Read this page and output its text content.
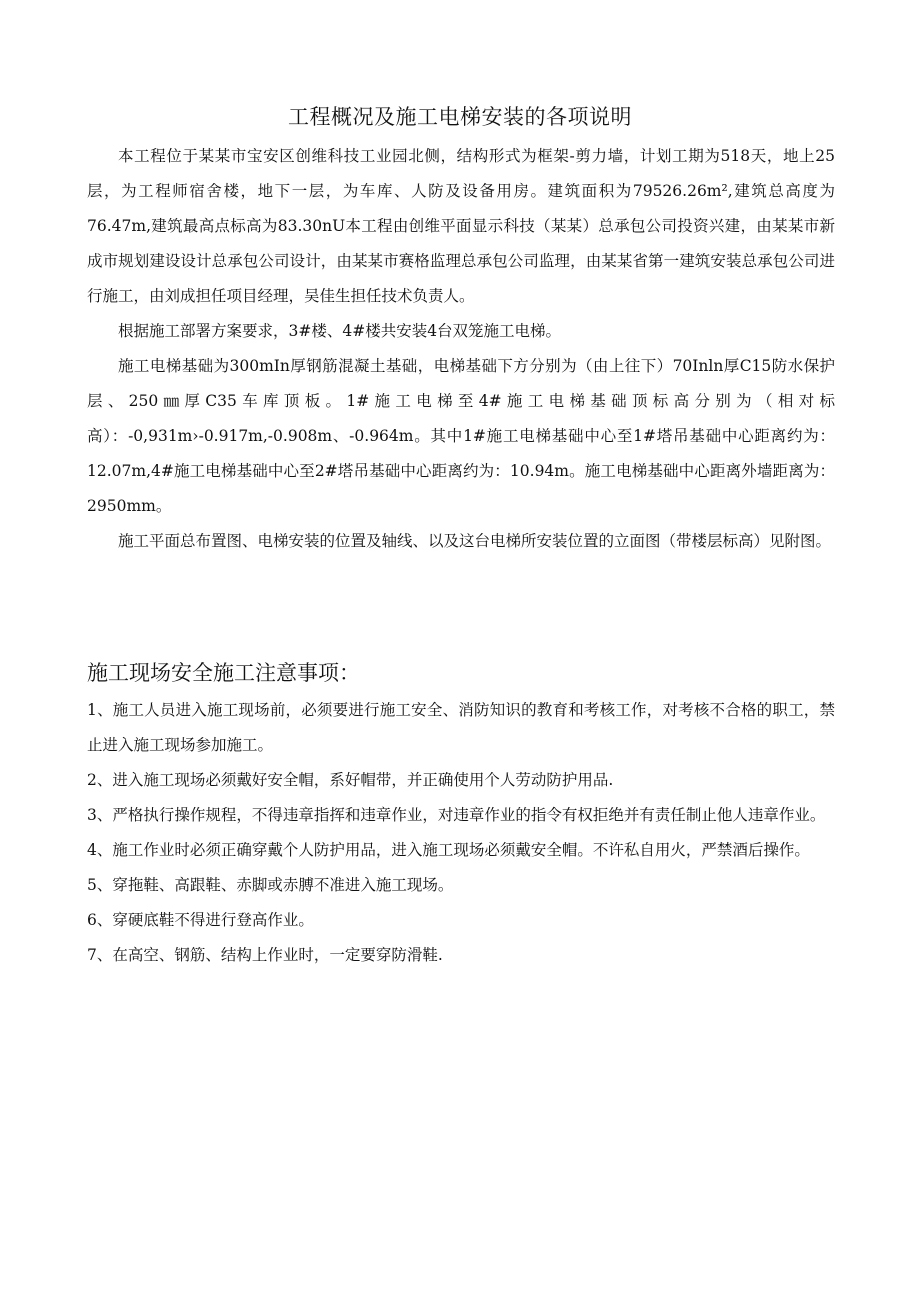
工程概况及施工电梯安装的各项说明

本工程位于某某市宝安区创维科技工业园北侧，结构形式为框架-剪力墙，计划工期为518天，地上25层，为工程师宿舍楼，地下一层，为车库、人防及设备用房。建筑面积为79526.26m²,建筑总高度为76.47m,建筑最高点标高为83.30nU本工程由创维平面显示科技（某某）总承包公司投资兴建，由某某市新成市规划建设设计总承包公司设计，由某某市赛格监理总承包公司监理，由某某省第一建筑安装总承包公司进行施工，由刘成担任项目经理，吴佳生担任技术负责人。

根据施工部署方案要求，3#楼、4#楼共安装4台双笼施工电梯。

施工电梯基础为300mIn厚钢筋混凝土基础，电梯基础下方分别为（由上往下）70Inln厚C15防水保护层、250㎜厚C35车库顶板。1#施工电梯至4#施工电梯基础顶标高分别为（相对标高）：-0,931m›-0.917m,-0.908m、-0.964m。其中1#施工电梯基础中心至1#塔吊基础中心距离约为：12.07m,4#施工电梯基础中心至2#塔吊基础中心距离约为：10.94m。施工电梯基础中心距离外墙距离为：2950mm。

施工平面总布置图、电梯安装的位置及轴线、以及这台电梯所安装位置的立面图（带楼层标高）见附图。

施工现场安全施工注意事项：

1、施工人员进入施工现场前，必须要进行施工安全、消防知识的教育和考核工作，对考核不合格的职工，禁止进入施工现场参加施工。

2、进入施工现场必须戴好安全帽，系好帽带，并正确使用个人劳动防护用品.

3、严格执行操作规程，不得违章指挥和违章作业，对违章作业的指令有权拒绝并有责任制止他人违章作业。

4、施工作业时必须正确穿戴个人防护用品，进入施工现场必须戴安全帽。不许私自用火，严禁酒后操作。

5、穿拖鞋、高跟鞋、赤脚或赤膊不准进入施工现场。

6、穿硬底鞋不得进行登高作业。

7、在高空、钢筋、结构上作业时，一定要穿防滑鞋.
